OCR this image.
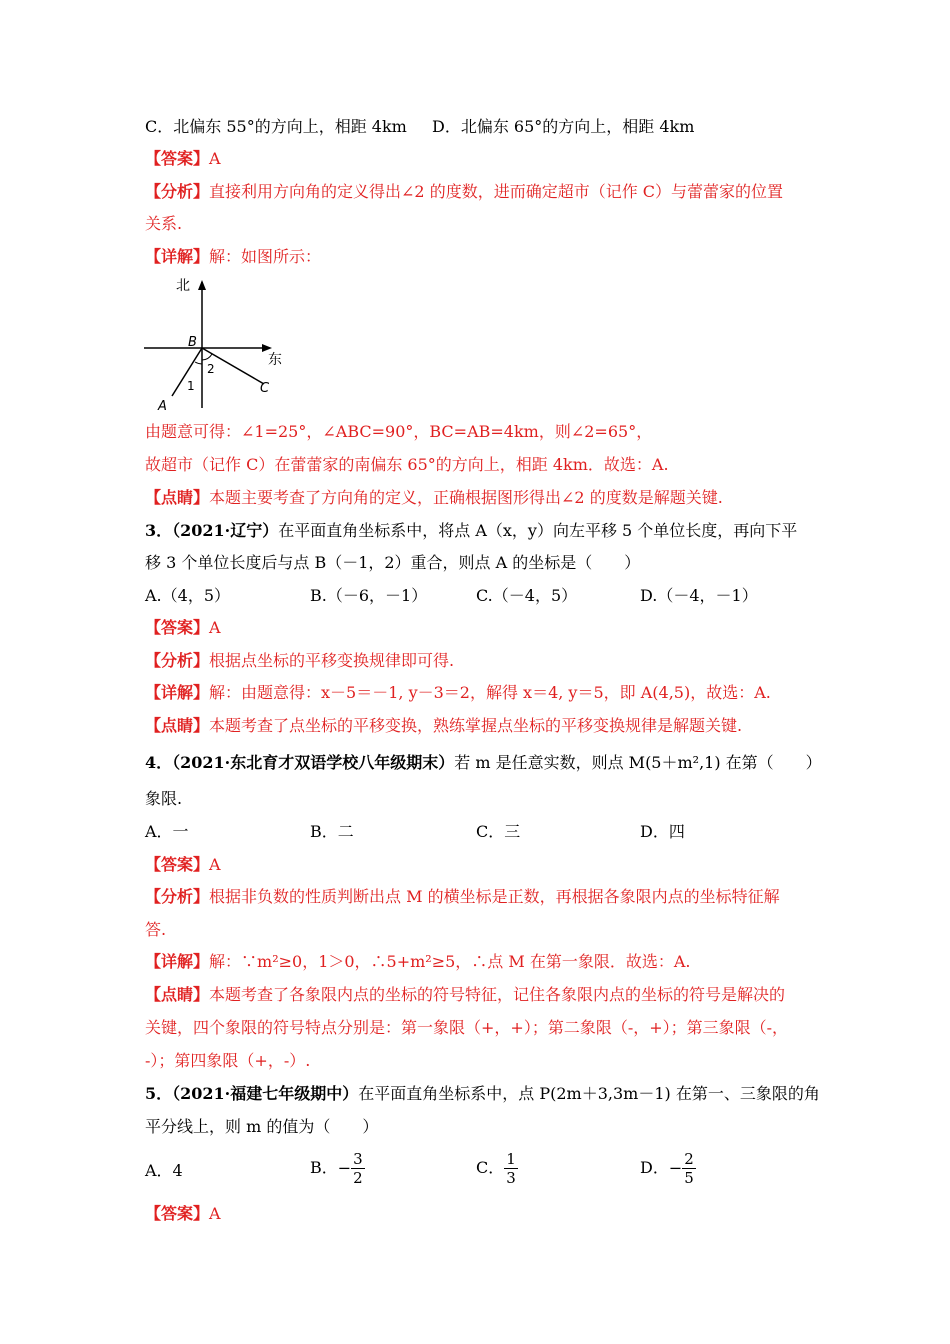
C．北偏东 55°的方向上，相距 4km D．北偏东 65°的方向上，相距 4km
【答案】A
【分析】直接利用方向角的定义得出∠2 的度数，进而确定超市（记作 C）与蕾蕾家的位置
关系.
【详解】解：如图所示：
北
东
B
A
C
1
2
由题意可得：∠1=25°，∠ABC=90°，BC=AB=4km，则∠2=65°，
故超市（记作 C）在蕾蕾家的南偏东 65°的方向上，相距 4km．故选：A.
【点睛】本题主要考查了方向角的定义，正确根据图形得出∠2 的度数是解题关键.
3．（2021·辽宁）在平面直角坐标系中，将点 A（x，y）向左平移 5 个单位长度，再向下平
移 3 个单位长度后与点 B（－1，2）重合，则点 A 的坐标是（　　）
A.（4，5）	B.（－6，－1）	C.（－4，5）	D.（－4，－1）
【答案】A
【分析】根据点坐标的平移变换规律即可得.
【详解】解：由题意得：x－5＝－1, y－3＝2，解得 x＝4, y＝5，即 A(4,5)，故选：A.
【点睛】本题考查了点坐标的平移变换，熟练掌握点坐标的平移变换规律是解题关键.
4．（2021·东北育才双语学校八年级期末）若 m 是任意实数，则点 M(5＋m²,1) 在第（　　）
象限.
A．一	B．二	C．三	D．四
【答案】A
【分析】根据非负数的性质判断出点 M 的横坐标是正数，再根据各象限内点的坐标特征解
答.
【详解】解：∵m²≥0，1＞0，∴5+m²≥5，∴点 M 在第一象限．故选：A.
【点睛】本题考查了各象限内点的坐标的符号特征，记住各象限内点的坐标的符号是解决的
关键，四个象限的符号特点分别是：第一象限（+，+）；第二象限（-，+）；第三象限（-，
-）；第四象限（+，-）.
5．（2021·福建七年级期中）在平面直角坐标系中，点 P(2m＋3,3m－1) 在第一、三象限的角
平分线上，则 m 的值为（　　）
A．4	B．− $\frac{3}{2}$	C． $\frac{1}{3}$	D．− $\frac{2}{5}$
【答案】A
